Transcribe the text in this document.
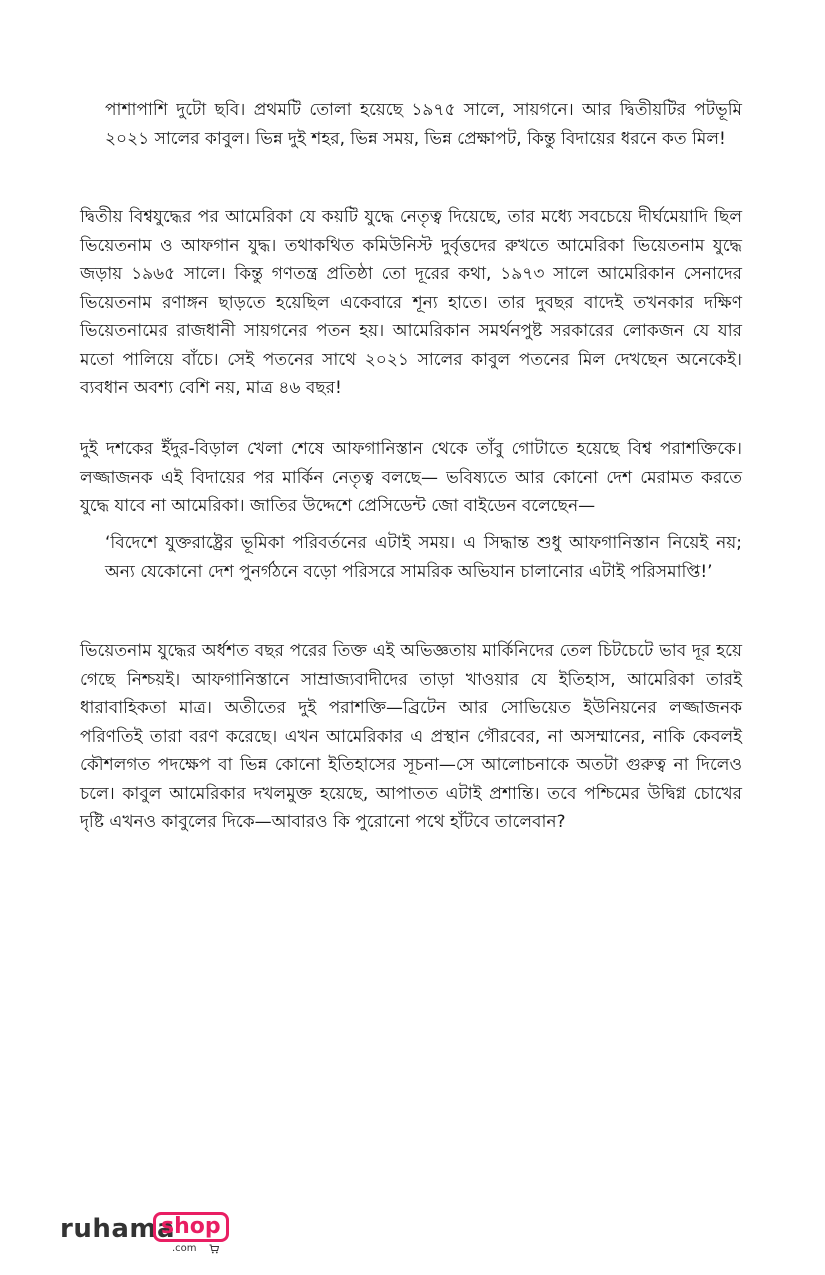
পাশাপাশি দুটো ছবি। প্রথমটি তোলা হয়েছে ১৯৭৫ সালে, সায়গনে। আর দ্বিতীয়টির পটভূমি ২০২১ সালের কাবুল। ভিন্ন দুই শহর, ভিন্ন সময়, ভিন্ন প্রেক্ষাপট, কিন্তু বিদায়ের ধরনে কত মিল!

দ্বিতীয় বিশ্বযুদ্ধের পর আমেরিকা যে কয়টি যুদ্ধে নেতৃত্ব দিয়েছে, তার মধ্যে সবচেয়ে দীর্ঘমেয়াদি ছিল ভিয়েতনাম ও আফগান যুদ্ধ। তথাকথিত কমিউনিস্ট দুর্বৃত্তদের রুখতে আমেরিকা ভিয়েতনাম যুদ্ধে জড়ায় ১৯৬৫ সালে। কিন্তু গণতন্ত্র প্রতিষ্ঠা তো দূরের কথা, ১৯৭৩ সালে আমেরিকান সেনাদের ভিয়েতনাম রণাঙ্গন ছাড়তে হয়েছিল একেবারে শূন্য হাতে। তার দুবছর বাদেই তখনকার দক্ষিণ ভিয়েতনামের রাজধানী সায়গনের পতন হয়। আমেরিকান সমর্থনপুষ্ট সরকারের লোকজন যে যার মতো পালিয়ে বাঁচে। সেই পতনের সাথে ২০২১ সালের কাবুল পতনের মিল দেখছেন অনেকেই। ব্যবধান অবশ্য বেশি নয়, মাত্র ৪৬ বছর!

দুই দশকের ইঁদুর-বিড়াল খেলা শেষে আফগানিস্তান থেকে তাঁবু গোটাতে হয়েছে বিশ্ব পরাশক্তিকে। লজ্জাজনক এই বিদায়ের পর মার্কিন নেতৃত্ব বলছে— ভবিষ্যতে আর কোনো দেশ মেরামত করতে যুদ্ধে যাবে না আমেরিকা। জাতির উদ্দেশে প্রেসিডেন্ট জো বাইডেন বলেছেন—

‘বিদেশে যুক্তরাষ্ট্রের ভূমিকা পরিবর্তনের এটাই সময়। এ সিদ্ধান্ত শুধু আফগানিস্তান নিয়েই নয়; অন্য যেকোনো দেশ পুনর্গঠনে বড়ো পরিসরে সামরিক অভিযান চালানোর এটাই পরিসমাপ্তি!’

ভিয়েতনাম যুদ্ধের অর্ধশত বছর পরের তিক্ত এই অভিজ্ঞতায় মার্কিনিদের তেল চিটচেটে ভাব দূর হয়ে গেছে নিশ্চয়ই। আফগানিস্তানে সাম্রাজ্যবাদীদের তাড়া খাওয়ার যে ইতিহাস, আমেরিকা তারই ধারাবাহিকতা মাত্র। অতীতের দুই পরাশক্তি—ব্রিটেন আর সোভিয়েত ইউনিয়নের লজ্জাজনক পরিণতিই তারা বরণ করেছে। এখন আমেরিকার এ প্রস্থান গৌরবের, না অসম্মানের, নাকি কেবলই কৌশলগত পদক্ষেপ বা ভিন্ন কোনো ইতিহাসের সূচনা—সে আলোচনাকে অতটা গুরুত্ব না দিলেও চলে। কাবুল আমেরিকার দখলমুক্ত হয়েছে, আপাতত এটাই প্রশান্তি। তবে পশ্চিমের উদ্বিগ্ন চোখের দৃষ্টি এখনও কাবুলের দিকে—আবারও কি পুরোনো পথে হাঁটবে তালেবান?

ruhama
shop
.com
